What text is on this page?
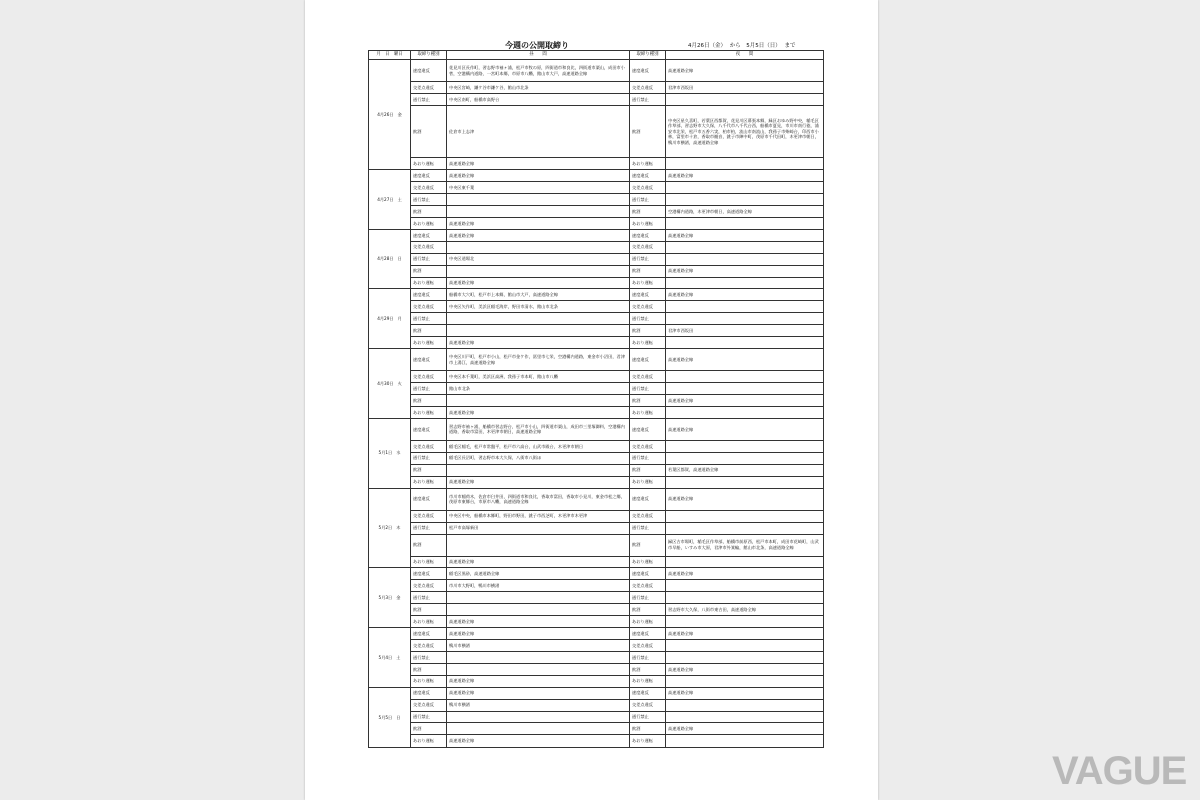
今週の公開取締り	4月26日（金） から　5月5日（日） まで
月　日　曜日	取締り種別	昼　　間	取締り種別	夜　　間
4月26日 金	速度違反	花見川区長作町，習志野市袖ヶ浦，松戸市牧の原，四街道市和良比，四街道市栗山，成田市小菅，空港構内道路，一宮町本郷，市原市八幡，館山市大戸，高速道路全線	速度違反	高速道路全線
	交差点違反	中央区宮崎，鎌ケ谷市鎌ケ谷，館山市北条	交差点違反	君津市西坂田
	通行禁止	中央区南町，船橋市高野台	通行禁止	
	飲酒	佐倉市上志津	飲酒	中央区星久喜町，若葉区西都賀，花見川区幕張本郷，緑区おゆみ野中央，稲毛区作草部，習志野市大久保，八千代市八千代台西，船橋市夏見，市川市南行徳，浦安市北栄，松戸市五香六実，柏市柏，流山市南流山，我孫子市柴崎台，印西市小林，富里市十倉，香取市観音，銚子市陣中町，茂原市千代田町，木更津市朝日，鴨川市横渚，高速道路全線
	あおり運転	高速道路全線	あおり運転	
4月27日 土	速度違反	高速道路全線	速度違反	高速道路全線
	交差点違反	中央区東千葉	交差点違反	
	通行禁止		通行禁止	
	飲酒		飲酒	空港構内道路，木更津市朝日，高速道路全線
	あおり運転	高速道路全線	あおり運転	
4月28日 日	速度違反	高速道路全線	速度違反	高速道路全線
	交差点違反		交差点違反	
	通行禁止	中央区道場北	通行禁止	
	飲酒		飲酒	高速道路全線
	あおり運転	高速道路全線	あおり運転	
4月29日 月	速度違反	船橋市大穴町，松戸市上本郷，館山市大戸，高速道路全線	速度違反	高速道路全線
	交差点違反	中央区矢作町，美浜区稲毛海岸，野田市清水，館山市北条	交差点違反	
	通行禁止		通行禁止	
	飲酒		飲酒	君津市西坂田
	あおり運転	高速道路全線	あおり運転	
4月30日 火	速度違反	中央区川戸町，松戸市小山，松戸市金ケ作，冨里市七栄，空港構内道路，東金市小沼田，君津市上湯江，高速道路全線	速度違反	高速道路全線
	交差点違反	中央区本千葉町，美浜区高洲，我孫子市本町，館山市八幡	交差点違反	
	通行禁止	館山市北条	通行禁止	
	飲酒		飲酒	高速道路全線
	あおり運転	高速道路全線	あおり運転	
5月1日 水	速度違反	習志野市袖ヶ浦，船橋市習志野台，松戸市小山，四街道市栗山，成田市三里塚御料，空港構内道路，香取市富田，木更津市朝日，高速道路全線	速度違反	高速道路全線
	交差点違反	稲毛区稲毛，松戸市常盤平，松戸市六高台，山武市殿台，木更津市朝日	交差点違反	
	通行禁止	稲毛区長沼町，習志野市本大久保，八街市八街ほ	通行禁止	
	飲酒		飲酒	若葉区都賀，高速道路全線
	あおり運転	高速道路全線	あおり運転	
5月2日 木	速度違反	市川市稲荷木，佐倉市臼井田，四街道市和良比，香取市富田，香取市小見川，東金市松之郷，茂原市東郷台，市原市八幡，高速道路全線	速度違反	高速道路全線
	交差点違反	中央区中央，船橋市本郷町，野田市野田，銚子市西芝町，木更津市木更津	交差点違反	
	通行禁止	松戸市高塚新田	通行禁止	
	飲酒		飲酒	緑区古市場町，稲毛区作草部，船橋市前原西，松戸市本町，成田市花崎町，山武市早船，いすみ市大原，君津市外箕輪，館山市北条，高速道路全線
	あおり運転	高速道路全線	あおり運転	
5月3日 金	速度違反	稲毛区黒砂，高速道路全線	速度違反	高速道路全線
	交差点違反	市川市大野町，鴨川市横渚	交差点違反	
	通行禁止		通行禁止	
	飲酒		飲酒	習志野市大久保，八街市東吉田，高速道路全線
	あおり運転	高速道路全線	あおり運転	
5月4日 土	速度違反	高速道路全線	速度違反	高速道路全線
	交差点違反	鴨川市横渚	交差点違反	
	通行禁止		通行禁止	
	飲酒		飲酒	高速道路全線
	あおり運転	高速道路全線	あおり運転	
5月5日 日	速度違反	高速道路全線	速度違反	高速道路全線
	交差点違反	鴨川市横渚	交差点違反	
	通行禁止		通行禁止	
	飲酒		飲酒	高速道路全線
	あおり運転	高速道路全線	あおり運転	
VAGUE
